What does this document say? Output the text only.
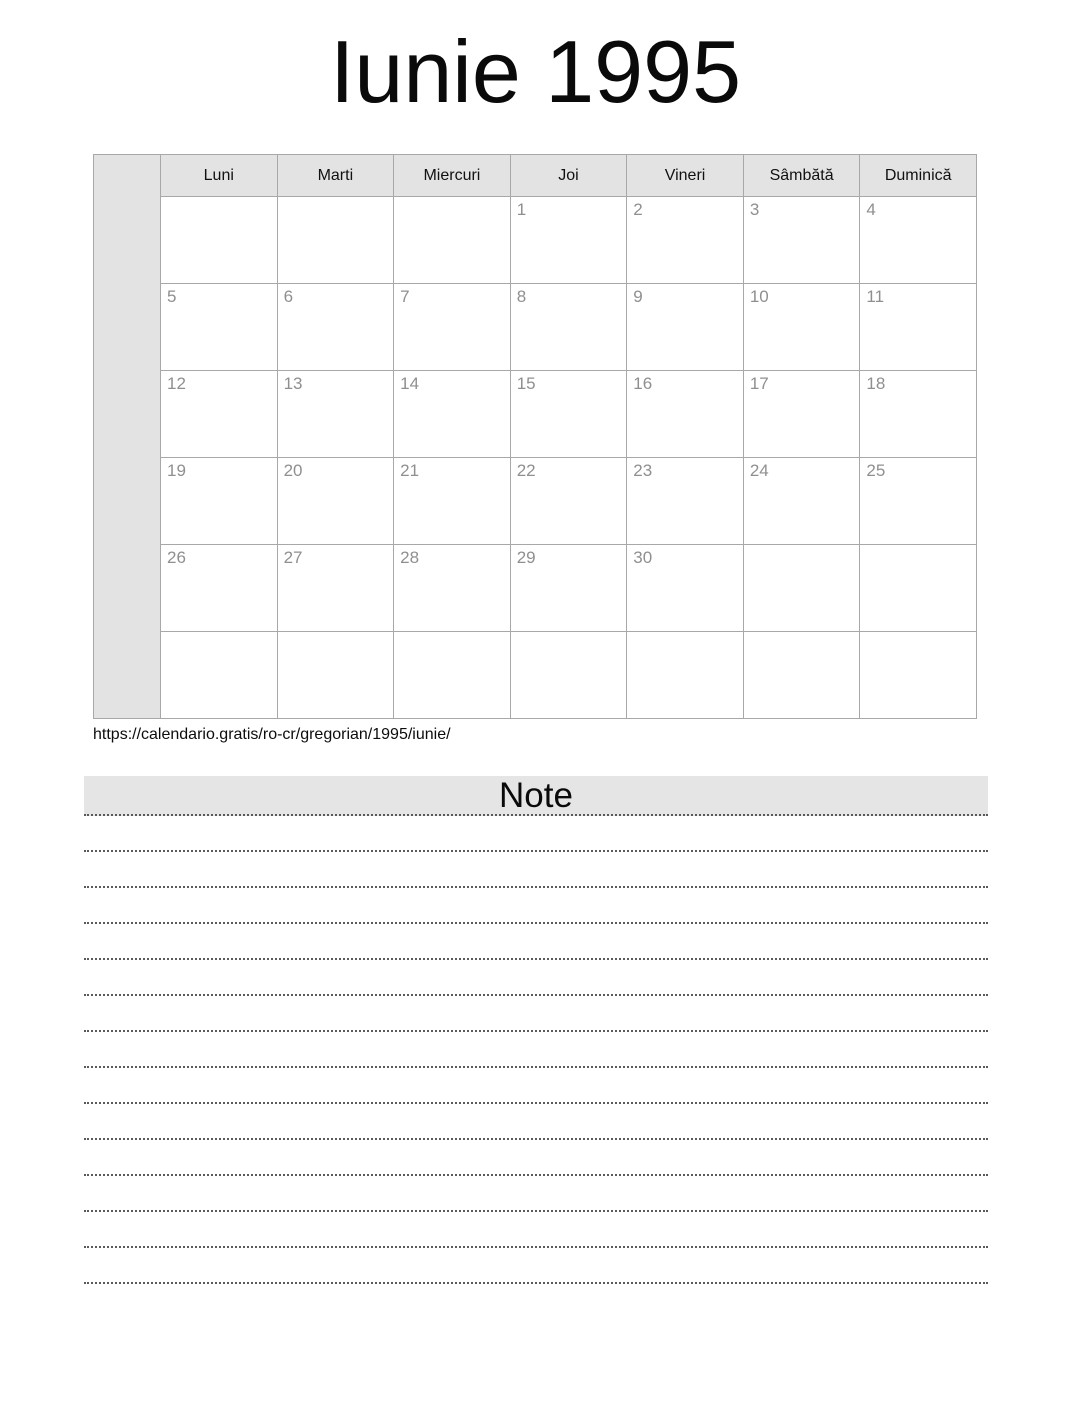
Iunie 1995
	Luni	Marti	Miercuri	Joi	Vineri	Sâmbătă	Duminică
				1	2	3	4
	5	6	7	8	9	10	11
	12	13	14	15	16	17	18
	19	20	21	22	23	24	25
	26	27	28	29	30		

https://calendario.gratis/ro-cr/gregorian/1995/iunie/
Note
